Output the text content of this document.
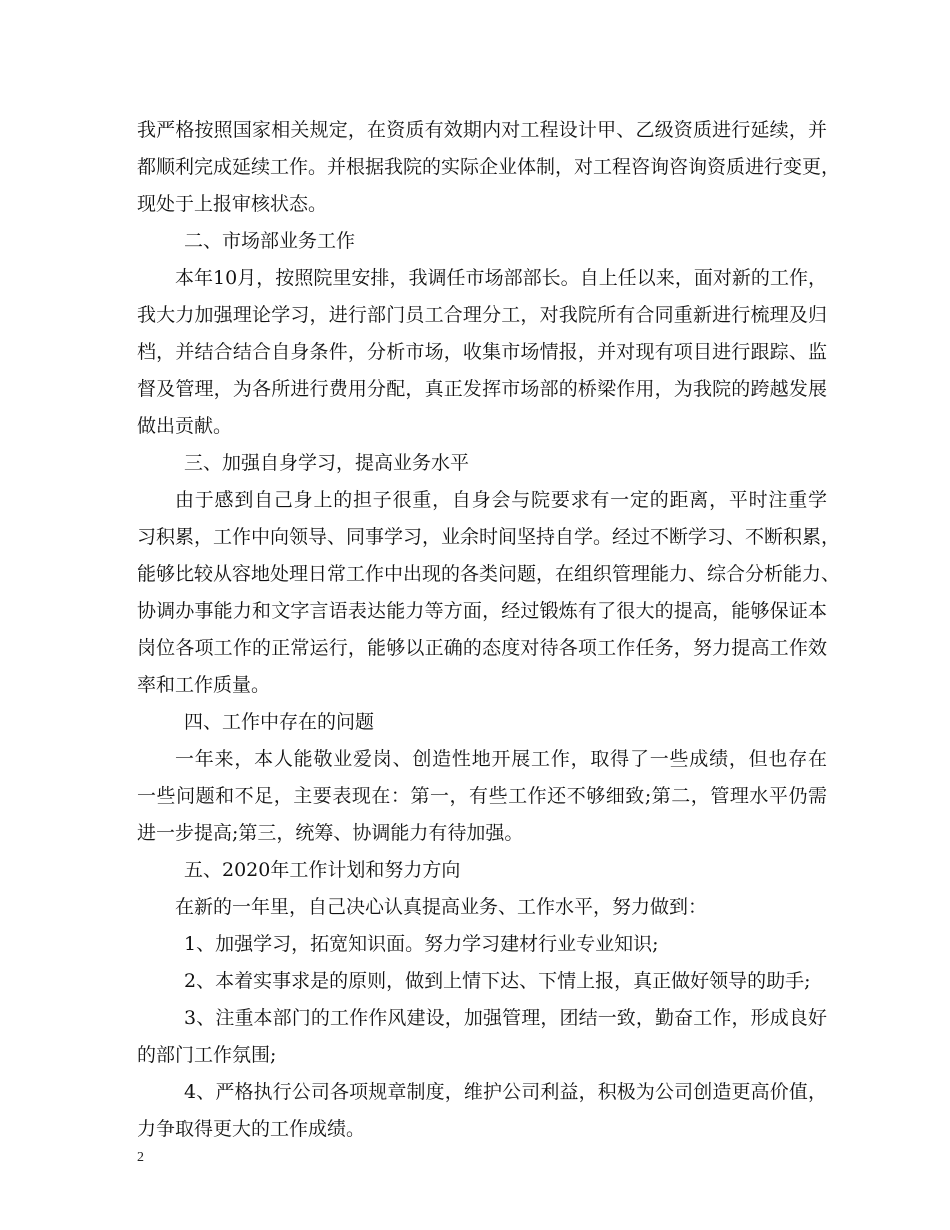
我严格按照国家相关规定，在资质有效期内对工程设计甲、乙级资质进行延续，并
都顺利完成延续工作。并根据我院的实际企业体制，对工程咨询咨询资质进行变更，
现处于上报审核状态。
二、市场部业务工作
本年10月，按照院里安排，我调任市场部部长。自上任以来，面对新的工作，
我大力加强理论学习，进行部门员工合理分工，对我院所有合同重新进行梳理及归
档，并结合结合自身条件，分析市场，收集市场情报，并对现有项目进行跟踪、监
督及管理，为各所进行费用分配，真正发挥市场部的桥梁作用，为我院的跨越发展
做出贡献。
三、加强自身学习，提高业务水平
由于感到自己身上的担子很重，自身会与院要求有一定的距离，平时注重学
习积累，工作中向领导、同事学习，业余时间坚持自学。经过不断学习、不断积累，
能够比较从容地处理日常工作中出现的各类问题，在组织管理能力、综合分析能力、
协调办事能力和文字言语表达能力等方面，经过锻炼有了很大的提高，能够保证本
岗位各项工作的正常运行，能够以正确的态度对待各项工作任务，努力提高工作效
率和工作质量。
四、工作中存在的问题
一年来，本人能敬业爱岗、创造性地开展工作，取得了一些成绩，但也存在
一些问题和不足，主要表现在：第一，有些工作还不够细致;第二，管理水平仍需
进一步提高;第三，统筹、协调能力有待加强。
五、2020年工作计划和努力方向
在新的一年里，自己决心认真提高业务、工作水平，努力做到：
1、加强学习，拓宽知识面。努力学习建材行业专业知识;
2、本着实事求是的原则，做到上情下达、下情上报，真正做好领导的助手;
3、注重本部门的工作作风建设，加强管理，团结一致，勤奋工作，形成良好
的部门工作氛围;
4、严格执行公司各项规章制度，维护公司利益，积极为公司创造更高价值，
力争取得更大的工作成绩。
2
